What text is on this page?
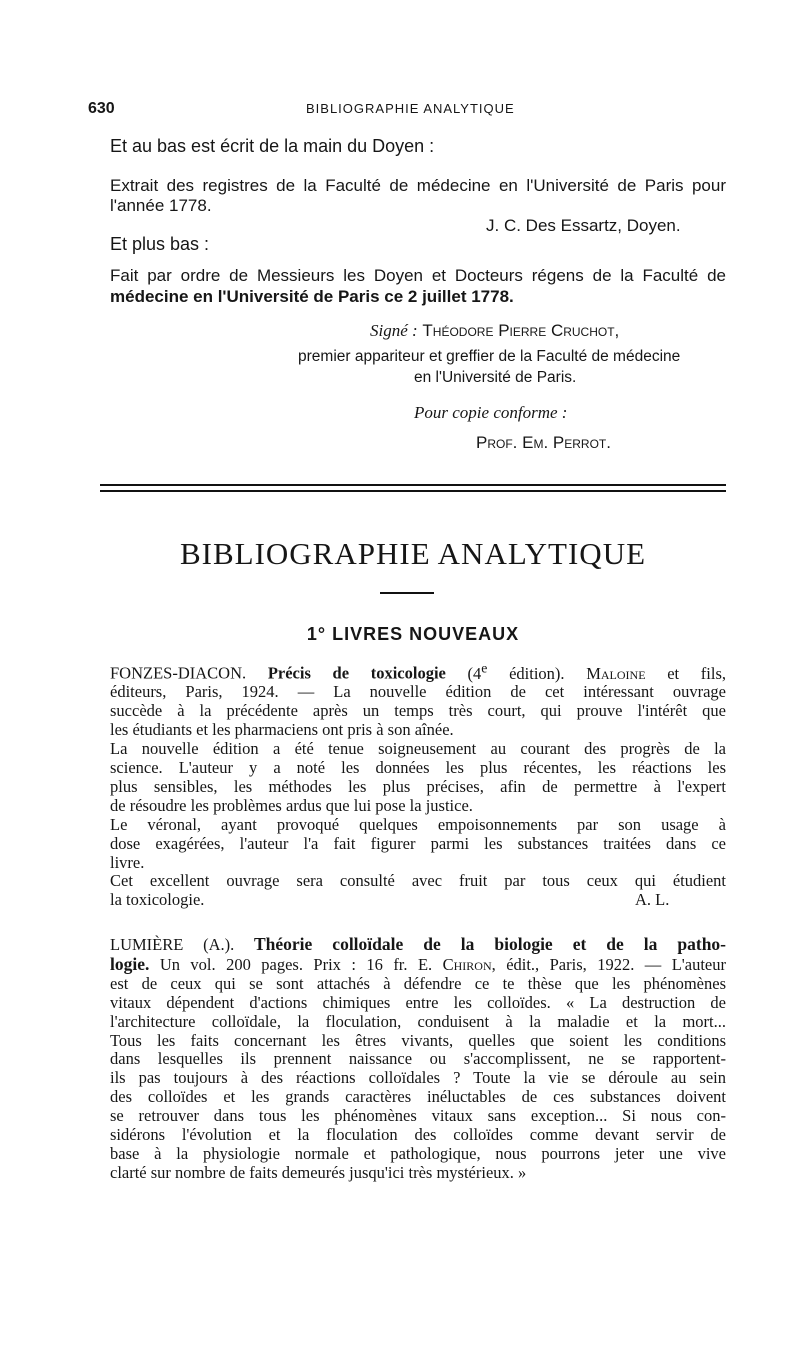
630	BIBLIOGRAPHIE ANALYTIQUE
Et au bas est écrit de la main du Doyen :
Extrait des registres de la Faculté de médecine en l'Université de Paris pour
l'année 1778.
J. C. Des Essartz, Doyen.
Et plus bas :
Fait par ordre de Messieurs les Doyen et Docteurs régens de la Faculté de
médecine en l'Université de Paris ce 2 juillet 1778.
Signé : Théodore Pierre Cruchot,
premier appariteur et greffier de la Faculté de médecine
en l'Université de Paris.
Pour copie conforme :
Prof. Em. Perrot.
BIBLIOGRAPHIE ANALYTIQUE
1° LIVRES NOUVEAUX
FONZES-DIACON. Précis de toxicologie (4e édition). Maloine et fils,
éditeurs, Paris, 1924. — La nouvelle édition de cet intéressant ouvrage
succède à la précédente après un temps très court, qui prouve l'intérêt que
les étudiants et les pharmaciens ont pris à son aînée.
La nouvelle édition a été tenue soigneusement au courant des progrès de la
science. L'auteur y a noté les données les plus récentes, les réactions les
plus sensibles, les méthodes les plus précises, afin de permettre à l'expert
de résoudre les problèmes ardus que lui pose la justice.
Le véronal, ayant provoqué quelques empoisonnements par son usage à
dose exagérées, l'auteur l'a fait figurer parmi les substances traitées dans ce
livre.
Cet excellent ouvrage sera consulté avec fruit par tous ceux qui étudient
la toxicologie.	A. L.
LUMIÈRE (A.). Théorie colloïdale de la biologie et de la patho-
logie. Un vol. 200 pages. Prix : 16 fr. E. Chiron, édit., Paris, 1922. — L'auteur
est de ceux qui se sont attachés à défendre ce te thèse que les phénomènes
vitaux dépendent d'actions chimiques entre les colloïdes. « La destruction de
l'architecture colloïdale, la floculation, conduisent à la maladie et la mort...
Tous les faits concernant les êtres vivants, quelles que soient les conditions
dans lesquelles ils prennent naissance ou s'accomplissent, ne se rapportent-
ils pas toujours à des réactions colloïdales ? Toute la vie se déroule au sein
des colloïdes et les grands caractères inéluctables de ces substances doivent
se retrouver dans tous les phénomènes vitaux sans exception... Si nous con-
sidérons l'évolution et la floculation des colloïdes comme devant servir de
base à la physiologie normale et pathologique, nous pourrons jeter une vive
clarté sur nombre de faits demeurés jusqu'ici très mystérieux. »
